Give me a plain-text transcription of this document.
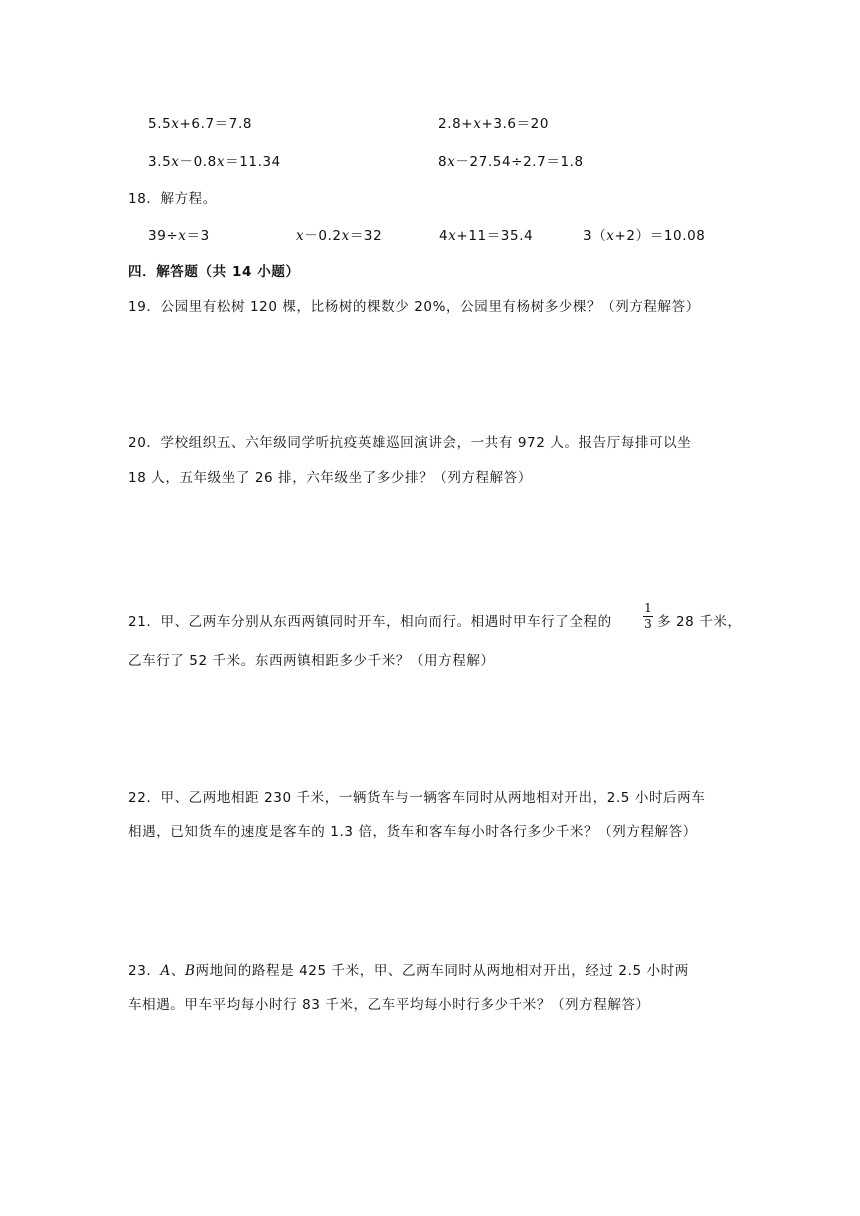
5.5x+6.7＝7.8	2.8+x+3.6＝20
3.5x－0.8x＝11.34	8x－27.54÷2.7＝1.8
18．解方程。
39÷x＝3	x－0.2x＝32	4x+11＝35.4	3（x+2）＝10.08
四．解答题（共 14 小题）
19．公园里有松树 120 棵，比杨树的棵数少 20%，公园里有杨树多少棵？（列方程解答）
20．学校组织五、六年级同学听抗疫英雄巡回演讲会，一共有 972 人。报告厅每排可以坐
18 人，五年级坐了 26 排，六年级坐了多少排？（列方程解答）
21．甲、乙两车分别从东西两镇同时开车，相向而行。相遇时甲车行了全程的	$\frac{1}{3}$ 多 28 千米，
乙车行了 52 千米。东西两镇相距多少千米？（用方程解）
22．甲、乙两地相距 230 千米，一辆货车与一辆客车同时从两地相对开出，2.5 小时后两车
相遇，已知货车的速度是客车的 1.3 倍，货车和客车每小时各行多少千米？（列方程解答）
23．A、B两地间的路程是 425 千米，甲、乙两车同时从两地相对开出，经过 2.5 小时两
车相遇。甲车平均每小时行 83 千米，乙车平均每小时行多少千米？（列方程解答）
